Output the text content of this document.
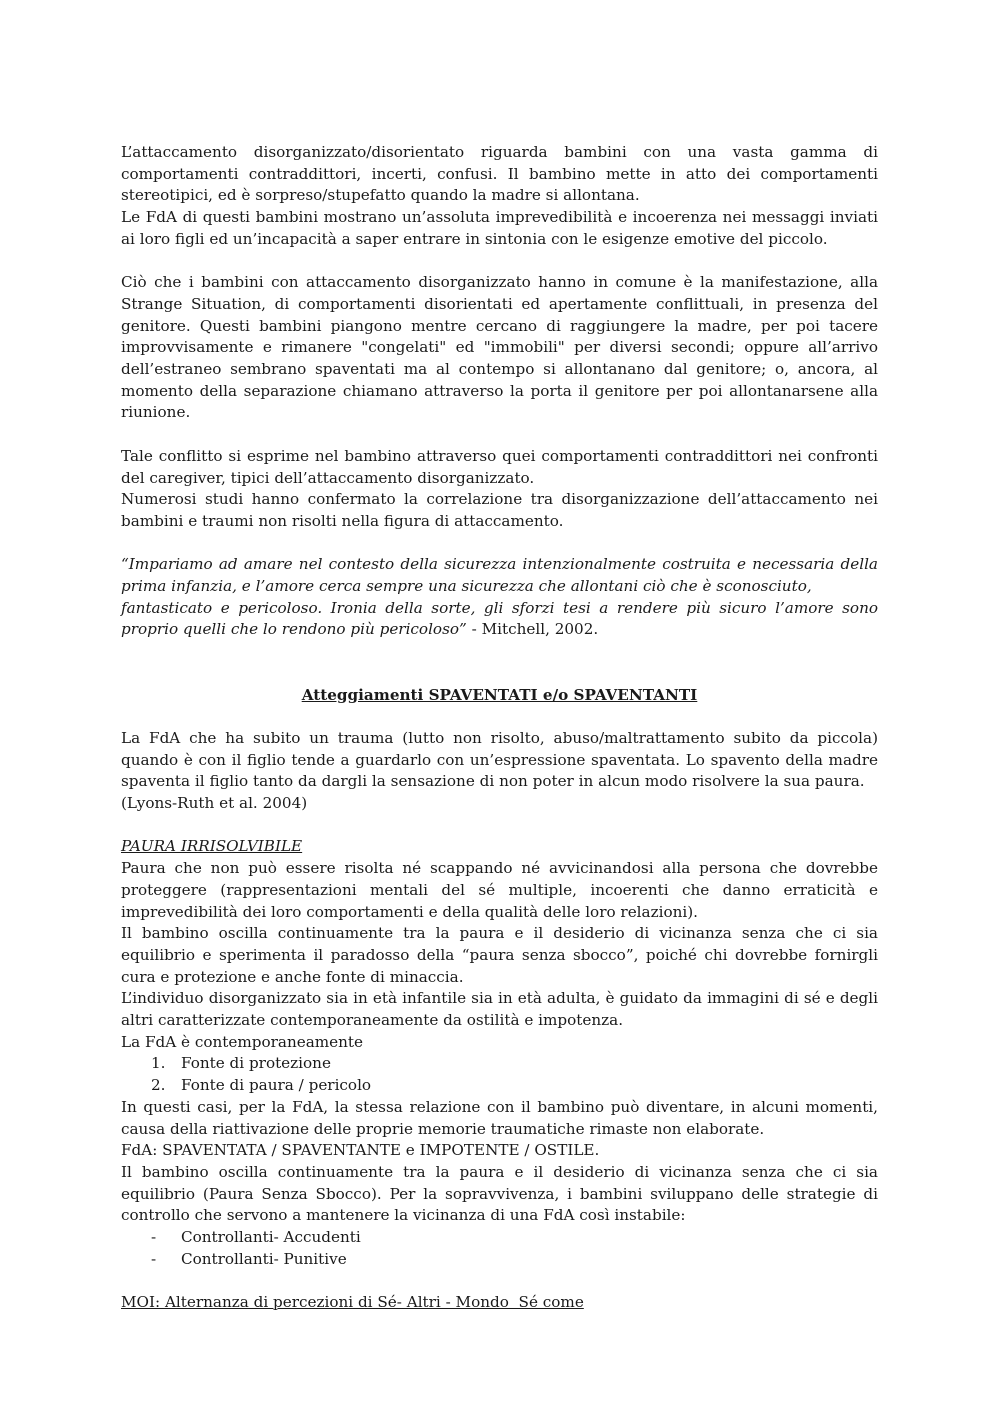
L’attaccamento disorganizzato/disorientato riguarda bambini con una vasta gamma di comportamenti contraddittori, incerti, confusi. Il bambino mette in atto dei comportamenti stereotipici, ed è sorpreso/stupefatto quando la madre si allontana.

Le FdA di questi bambini mostrano un’assoluta imprevedibilità e incoerenza nei messaggi inviati ai loro figli ed un’incapacità a saper entrare in sintonia con le esigenze emotive del piccolo.

Ciò che i bambini con attaccamento disorganizzato hanno in comune è la manifestazione, alla Strange Situation, di comportamenti disorientati ed apertamente conflittuali, in presenza del genitore. Questi bambini piangono mentre cercano di raggiungere la madre, per poi tacere improvvisamente e rimanere "congelati" ed "immobili" per diversi secondi; oppure all’arrivo dell’estraneo sembrano spaventati ma al contempo si allontanano dal genitore; o, ancora, al momento della separazione chiamano attraverso la porta il genitore per poi allontanarsene alla riunione.

Tale conflitto si esprime nel bambino attraverso quei comportamenti contraddittori nei confronti del caregiver, tipici dell’attaccamento disorganizzato.

Numerosi studi hanno confermato la correlazione tra disorganizzazione dell’attaccamento nei bambini e traumi non risolti nella figura di attaccamento.

“Impariamo ad amare nel contesto della sicurezza intenzionalmente costruita e necessaria della prima infanzia, e l’amore cerca sempre una sicurezza che allontani ciò che è sconosciuto,

fantasticato e pericoloso. Ironia della sorte, gli sforzi tesi a rendere più sicuro l’amore sono proprio quelli che lo rendono più pericoloso” - Mitchell, 2002.

Atteggiamenti SPAVENTATI e/o SPAVENTANTI

La FdA che ha subito un trauma (lutto non risolto, abuso/maltrattamento subito da piccola) quando è con il figlio tende a guardarlo con un’espressione spaventata. Lo spavento della madre spaventa il figlio tanto da dargli la sensazione di non poter in alcun modo risolvere la sua paura.

(Lyons-Ruth et al. 2004)

PAURA IRRISOLVIBILE

Paura che non può essere risolta né scappando né avvicinandosi alla persona che dovrebbe proteggere (rappresentazioni mentali del sé multiple, incoerenti che danno erraticità e imprevedibilità dei loro comportamenti e della qualità delle loro relazioni).

Il bambino oscilla continuamente tra la paura e il desiderio di vicinanza senza che ci sia equilibrio e sperimenta il paradosso della “paura senza sbocco”, poiché chi dovrebbe fornirgli cura e protezione e anche fonte di minaccia.

L’individuo disorganizzato sia in età infantile sia in età adulta, è guidato da immagini di sé e degli altri caratterizzate contemporaneamente da ostilità e impotenza.

La FdA è contemporaneamente

1. Fonte di protezione
2. Fonte di paura / pericolo

In questi casi, per la FdA, la stessa relazione con il bambino può diventare, in alcuni momenti, causa della riattivazione delle proprie memorie traumatiche rimaste non elaborate.

FdA: SPAVENTATA / SPAVENTANTE e IMPOTENTE / OSTILE.

Il bambino oscilla continuamente tra la paura e il desiderio di vicinanza senza che ci sia equilibrio (Paura Senza Sbocco). Per la sopravvivenza, i bambini sviluppano delle strategie di controllo che servono a mantenere la vicinanza di una FdA così instabile:

- Controllanti- Accudenti
- Controllanti- Punitive

MOI: Alternanza di percezioni di Sé- Altri - Mondo  Sé come
